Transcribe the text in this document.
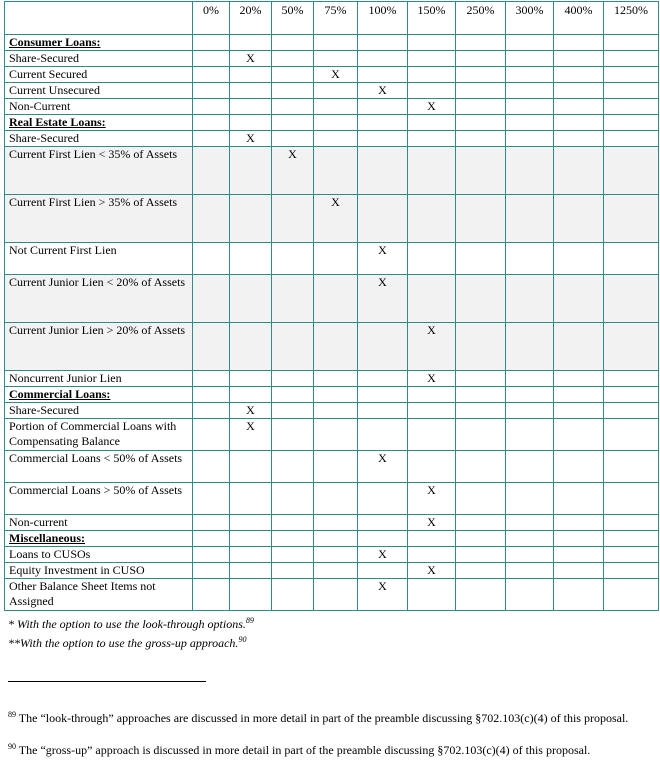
	0%	20%	50%	75%	100%	150%	250%	300%	400%	1250%
Consumer Loans:										
Share-Secured		X								
Current Secured				X						
Current Unsecured					X					
Non-Current						X				
Real Estate Loans:										
Share-Secured		X								
Current First Lien < 35% of Assets			X							
Current First Lien > 35% of Assets				X						
Not Current First Lien					X					
Current Junior Lien < 20% of Assets					X					
Current Junior Lien > 20% of Assets						X				
Noncurrent Junior Lien						X				
Commercial Loans:										
Share-Secured		X								
Portion of Commercial Loans with Compensating Balance		X								
Commercial Loans < 50% of Assets					X					
Commercial Loans > 50% of Assets						X				
Non-current						X				
Miscellaneous:										
Loans to CUSOs					X					
Equity Investment in CUSO						X				
Other Balance Sheet Items not Assigned					X					
* With the option to use the look-through options.$^{89}$
**With the option to use the gross-up approach.$^{90}$
$^{89}$ The “look-through” approaches are discussed in more detail in part of the preamble discussing §702.103(c)(4) of this proposal.
$^{90}$ The “gross-up” approach is discussed in more detail in part of the preamble discussing §702.103(c)(4) of this proposal.
